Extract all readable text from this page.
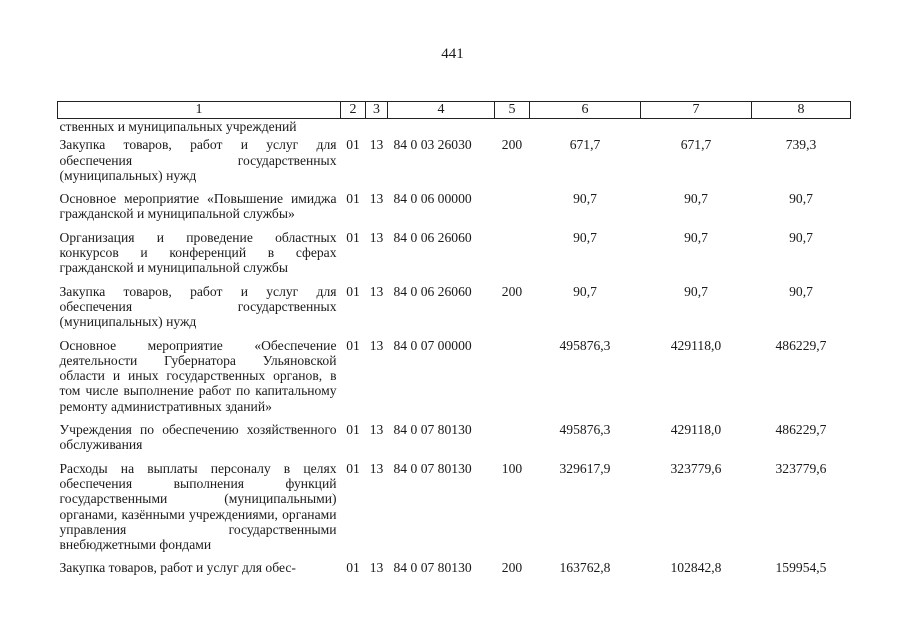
441
1	2	3	4	5	6	7	8
ственных и муниципальных учреждений							
Закупка товаров, работ и услуг для обеспечения государственных (муниципальных) нужд	01	13	84 0 03 26030	200	671,7	671,7	739,3
Основное мероприятие «Повышение имиджа гражданской и муниципальной службы»	01	13	84 0 06 00000		90,7	90,7	90,7
Организация и проведение областных конкурсов и конференций в сферах гражданской и муниципальной службы	01	13	84 0 06 26060		90,7	90,7	90,7
Закупка товаров, работ и услуг для обеспечения государственных (муниципальных) нужд	01	13	84 0 06 26060	200	90,7	90,7	90,7
Основное мероприятие «Обеспечение деятельности Губернатора Ульяновской области и иных государственных органов, в том числе выполнение работ по капитальному ремонту административных зданий»	01	13	84 0 07 00000		495876,3	429118,0	486229,7
Учреждения по обеспечению хозяйственного обслуживания	01	13	84 0 07 80130		495876,3	429118,0	486229,7
Расходы на выплаты персоналу в целях обеспечения выполнения функций государственными (муниципальными) органами, казёнными учреждениями, органами управления государственными внебюджетными фондами	01	13	84 0 07 80130	100	329617,9	323779,6	323779,6
Закупка товаров, работ и услуг для обес-	01	13	84 0 07 80130	200	163762,8	102842,8	159954,5
